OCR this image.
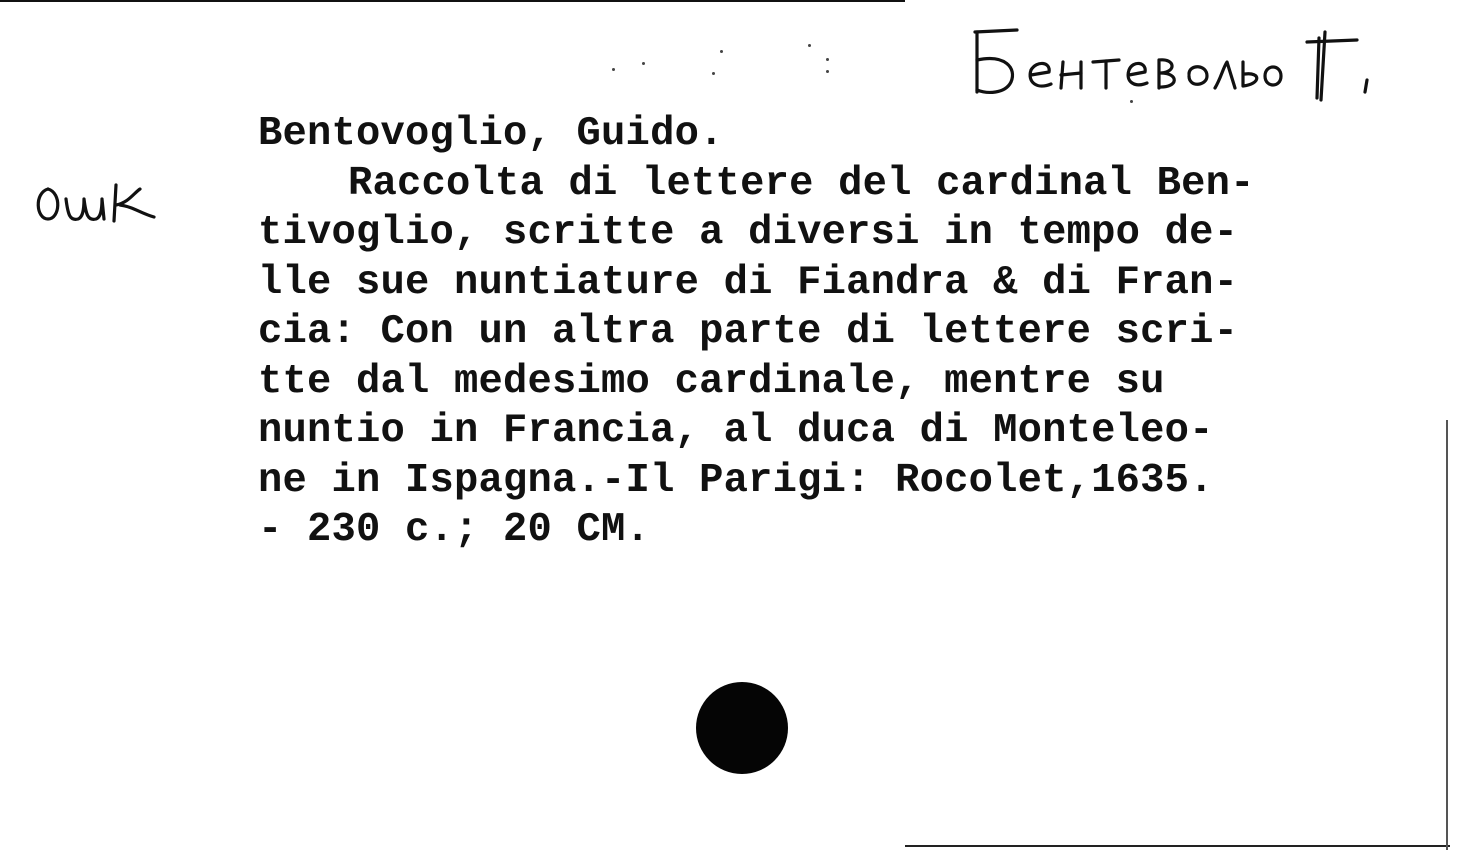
Bentovoglio, Guido.
Raccolta di lettere del cardinal Ben-
tivoglio, scritte a diversi in tempo de-
lle sue nuntiature di Fiandra & di Fran-
cia: Con un altra parte di lettere scri-
tte dal medesimo cardinale, mentre su
nuntio in Francia, al duca di Monteleo-
ne in Ispagna.-Il Parigi: Rocolet,1635.
- 230 c.; 20 CM.
